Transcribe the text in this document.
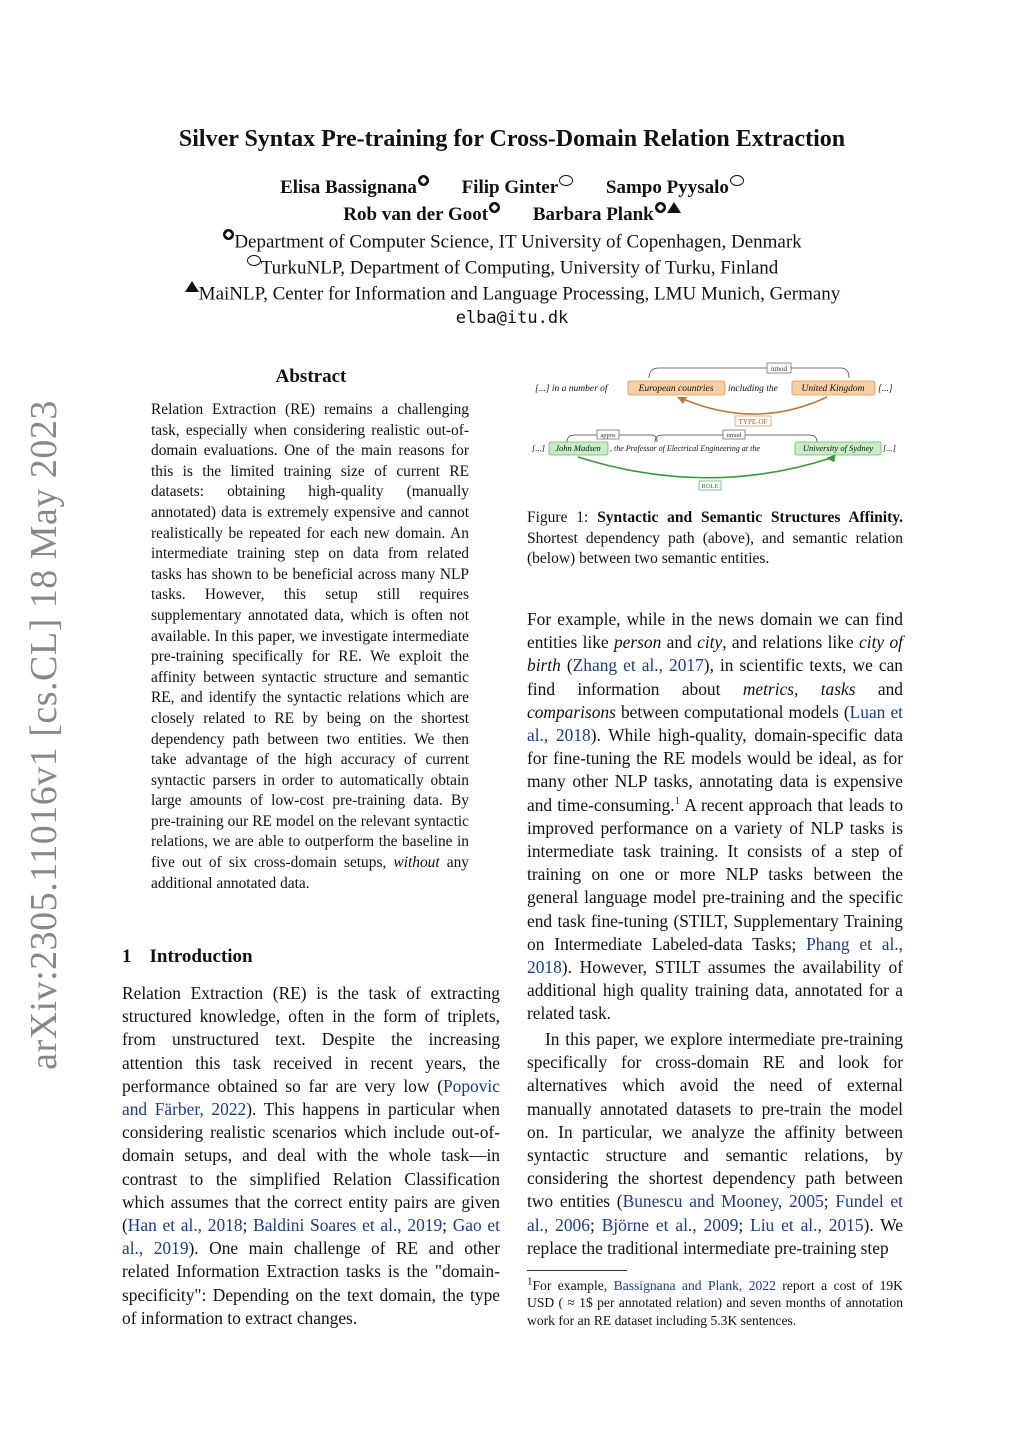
arXiv:2305.11016v1 [cs.CL] 18 May 2023
Silver Syntax Pre-training for Cross-Domain Relation Extraction
Elisa Bassignana Filip Ginter	Sampo Pyysalo
Rob van der Goot Barbara Plank
Department of Computer Science, IT University of Copenhagen, Denmark
TurkuNLP, Department of Computing, University of Turku, Finland
MaiNLP, Center for Information and Language Processing, LMU Munich, Germany
elba@itu.dk
Abstract
Relation Extraction (RE) remains a challenging task, especially when considering realistic out-of-domain evaluations. One of the main reasons for this is the limited training size of current RE datasets: obtaining high-quality (manually annotated) data is extremely expensive and cannot realistically be repeated for each new domain. An intermediate training step on data from related tasks has shown to be beneficial across many NLP tasks. However, this setup still requires supplementary annotated data, which is often not available. In this paper, we investigate intermediate pre-training specifically for RE. We exploit the affinity between syntactic structure and semantic RE, and identify the syntactic relations which are closely related to RE by being on the shortest dependency path between two entities. We then take advantage of the high accuracy of current syntactic parsers in order to automatically obtain large amounts of low-cost pre-training data. By pre-training our RE model on the relevant syntactic relations, we are able to outperform the baseline in five out of six cross-domain setups, without any additional annotated data.
1 Introduction
Relation Extraction (RE) is the task of extracting structured knowledge, often in the form of triplets, from unstructured text. Despite the increasing attention this task received in recent years, the performance obtained so far are very low (Popovic and Färber, 2022). This happens in particular when considering realistic scenarios which include out-of-domain setups, and deal with the whole task—in contrast to the simplified Relation Classification which assumes that the correct entity pairs are given (Han et al., 2018; Baldini Soares et al., 2019; Gao et al., 2019). One main challenge of RE and other related Information Extraction tasks is the "domain-specificity": Depending on the text domain, the type of information to extract changes.
nmod
[...] in a number of	European countries including the United Kingdom [...]
TYPE-OF
appos	nmod
[...] John Madsen , the Professor of Electrical Engineering at the	University of Sydney [...]
ROLE
Figure 1: Syntactic and Semantic Structures Affinity. Shortest dependency path (above), and semantic relation (below) between two semantic entities.
For example, while in the news domain we can find entities like person and city, and relations like city of birth (Zhang et al., 2017), in scientific texts, we can find information about metrics, tasks and comparisons between computational models (Luan et al., 2018). While high-quality, domain-specific data for fine-tuning the RE models would be ideal, as for many other NLP tasks, annotating data is expensive and time-consuming.$^1$ A recent approach that leads to improved performance on a variety of NLP tasks is intermediate task training. It consists of a step of training on one or more NLP tasks between the general language model pre-training and the specific end task fine-tuning (STILT, Supplementary Training on Intermediate Labeled-data Tasks; Phang et al., 2018). However, STILT assumes the availability of additional high quality training data, annotated for a related task.
In this paper, we explore intermediate pre-training specifically for cross-domain RE and look for alternatives which avoid the need of external manually annotated datasets to pre-train the model on. In particular, we analyze the affinity between syntactic structure and semantic relations, by considering the shortest dependency path between two entities (Bunescu and Mooney, 2005; Fundel et al., 2006; Björne et al., 2009; Liu et al., 2015). We replace the traditional intermediate pre-training step
$^1$For example, Bassignana and Plank, 2022 report a cost of 19K USD ( ≈ 1$ per annotated relation) and seven months of annotation work for an RE dataset including 5.3K sentences.
